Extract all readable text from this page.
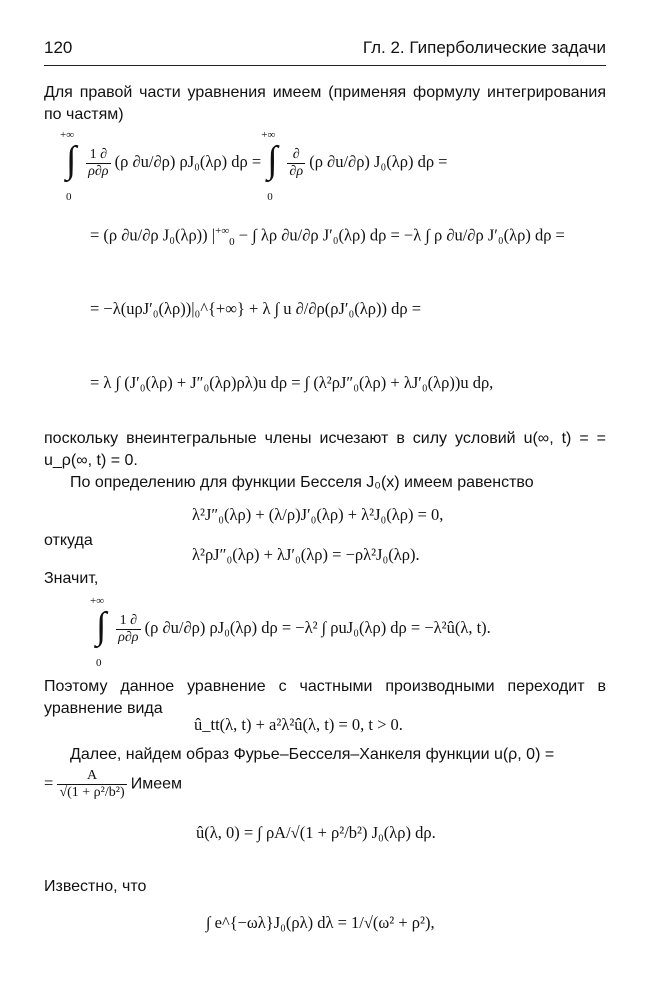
120	Гл. 2. Гиперболические задачи
Для правой части уравнения имеем (применяя формулу интегрирования по частям)
+∞
∫
0

$\frac{1 \partial}{\rho\partial\rho} (\rho$ ∂u/∂ρ) ρJ₀(λρ) dρ =
+∞
∫
0

∂
∂ρ
(ρ ∂u/∂ρ) J₀(λρ) dρ =
= (ρ ∂u/∂ρ J₀(λρ)) $|^{+\infty}_0$ − ∫ λρ ∂u/∂ρ J′₀(λρ) dρ = −λ ∫ ρ ∂u/∂ρ J′₀(λρ) dρ =
= −λ(uρJ′₀(λρ))|₀^{+∞} + λ ∫ u ∂/∂ρ(ρJ′₀(λρ)) dρ =
= λ ∫ (J′₀(λρ) + J″₀(λρ)ρλ)u dρ = ∫ (λ²ρJ″₀(λρ) + λJ′₀(λρ))u dρ,
поскольку внеинтегральные члены исчезают в силу условий u(∞, t) = = u_ρ(∞, t) = 0.
По определению для функции Бесселя J₀(x) имеем равенство
λ²J″₀(λρ) + (λ/ρ)J′₀(λρ) + λ²J₀(λρ) = 0,
откуда
λ²ρJ″₀(λρ) + λJ′₀(λρ) = −ρλ²J₀(λρ).
Значит,
+∞
∫
0

$\frac{1 \partial}{\rho\partial\rho} (\rho$ ∂u/∂ρ) ρJ₀(λρ) dρ = −λ² ∫ ρuJ₀(λρ) dρ = −λ²û(λ, t).
Поэтому данное уравнение с частными производными переходит в уравнение вида
û_tt(λ, t) + a²λ²û(λ, t) = 0, t > 0.
Далее, найдем образ Фурье–Бесселя–Ханкеля функции u(ρ, 0) =
= $\frac{A}{\text{√(1 + ρ²/b²)}}$ Имеем
û(λ, 0) = ∫ ρA/√(1 + ρ²/b²) J₀(λρ) dρ.
Известно, что
∫ e^{−ωλ}J₀(ρλ) dλ = 1/√(ω² + ρ²),
